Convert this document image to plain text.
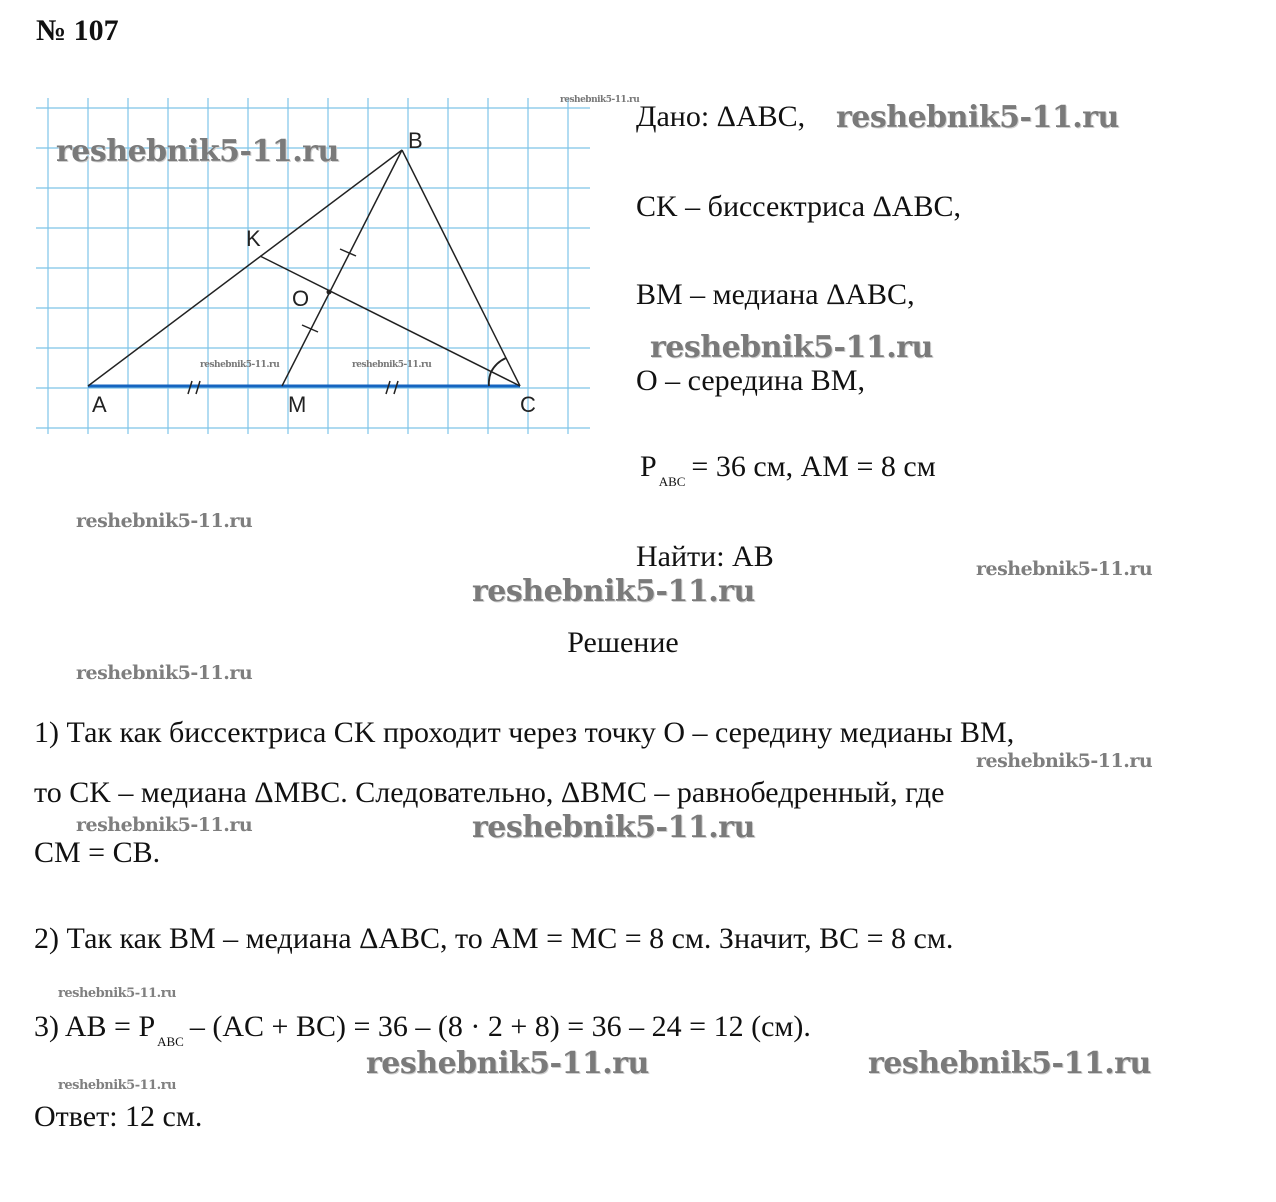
№ 107
A
B
C
K
M
O
Дано: ΔABC,
CK – биссектриса ΔABC,
BM – медиана ΔABC,
O – середина BM,
P $_{ABC}$ = 36 см, AM = 8 см
Найти: AB
Решение
1) Так как биссектриса CK проходит через точку O – середину медианы BM,
то CK – медиана ΔMBC. Следовательно, ΔBMC – равнобедренный, где
CM = CB.
2) Так как BM – медиана ΔABC, то AM = MC = 8 см. Значит, BC = 8 см.
3) AB = P $_{ABC}$ – (AC + BC) = 36 – (8 · 2 + 8) = 36 – 24 = 12 (см).
Ответ: 12 см.
reshebnik5-11.ru
reshebnik5-11.ru
reshebnik5-11.ru
reshebnik5-11.ru
reshebnik5-11.ru	reshebnik5-11.ru
reshebnik5-11.ru
reshebnik5-11.ru
reshebnik5-11.ru
reshebnik5-11.ru
reshebnik5-11.ru
reshebnik5-11.ru	reshebnik5-11.ru
reshebnik5-11.ru
reshebnik5-11.ru	reshebnik5-11.ru
reshebnik5-11.ru
